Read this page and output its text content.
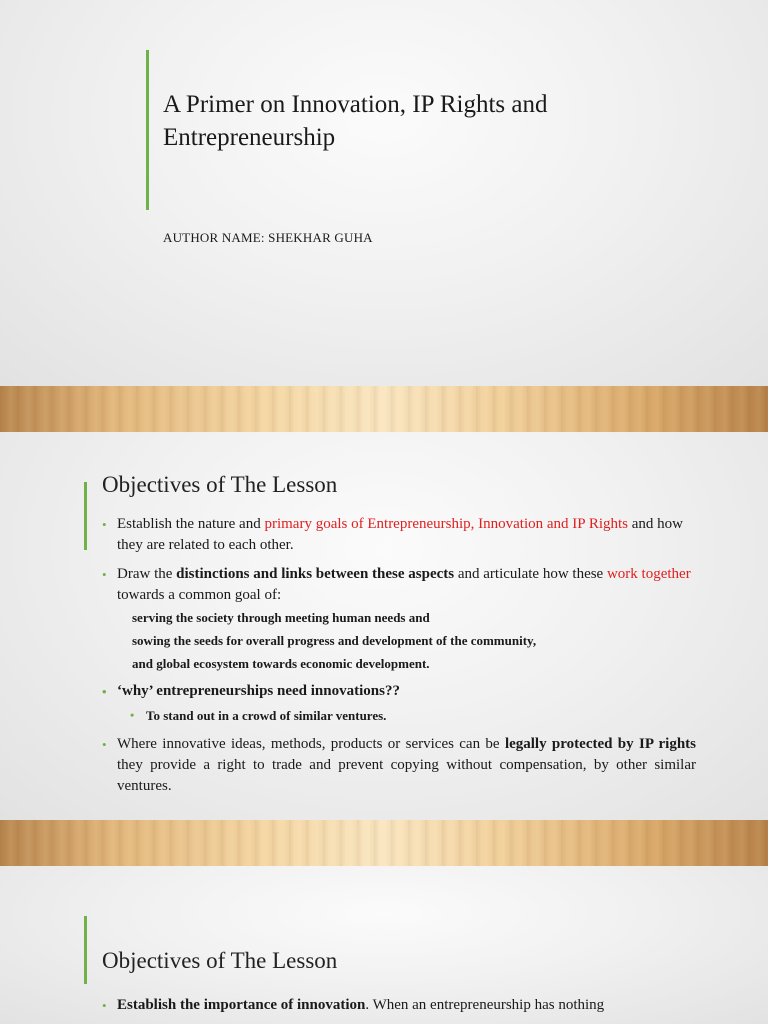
A Primer on Innovation, IP Rights and Entrepreneurship
AUTHOR NAME: SHEKHAR GUHA
Objectives of The Lesson

• Establish the nature and primary goals of Entrepreneurship, Innovation and IP Rights and how they are related to each other.

• Draw the distinctions and links between these aspects and articulate how these work together towards a common goal of:

serving the society through meeting human needs and

sowing the seeds for overall progress and development of the community,

and global ecosystem towards economic development.

• ‘why’ entrepreneurships need innovations??

• To stand out in a crowd of similar ventures.

• Where innovative ideas, methods, products or services can be legally protected by IP rights they provide a right to trade and prevent copying without compensation, by other similar ventures.

Objectives of The Lesson

• Establish the importance of innovation. When an entrepreneurship has nothing
